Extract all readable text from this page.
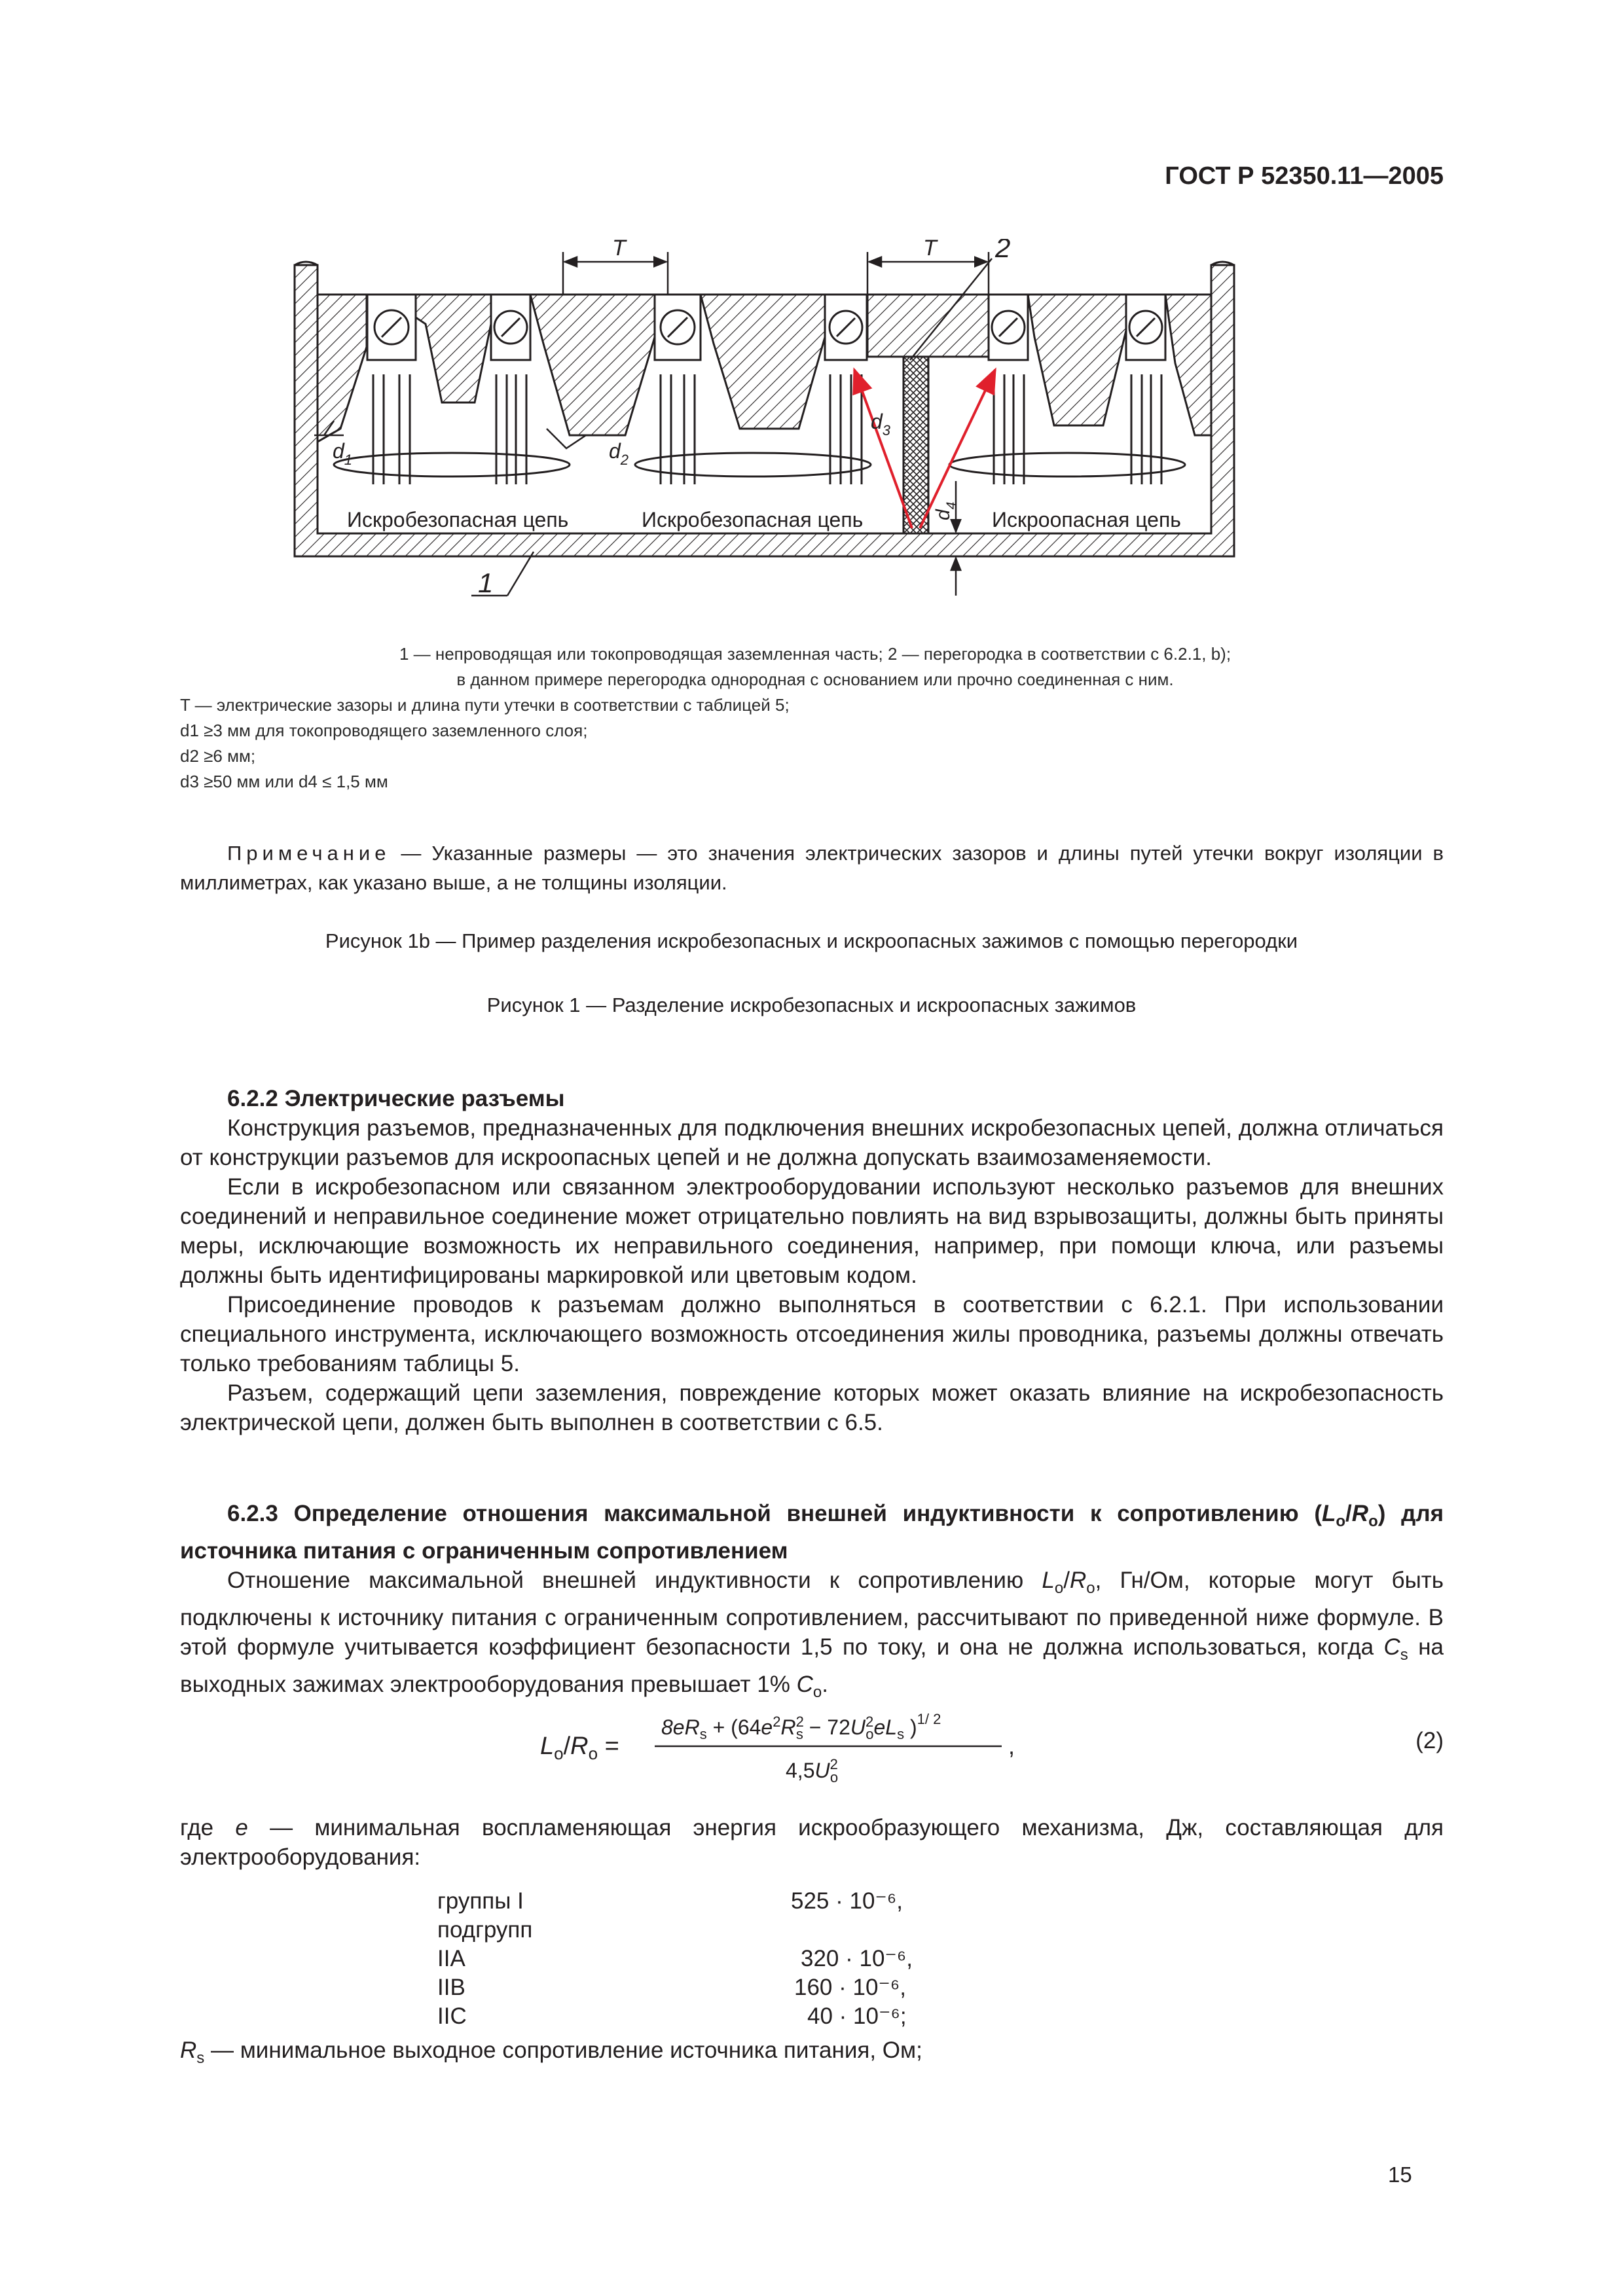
ГОСТ Р 52350.11—2005
T	T 2
$d_1$	$d_2$
$d_3$
$d_4$
Искробезопасная цепь	Искробезопасная цепь	Искроопасная цепь
1
1 — непроводящая или токопроводящая заземленная часть; 2 — перегородка в соответствии с 6.2.1, b);
в данном примере перегородка однородная с основанием или прочно соединенная с ним.
T — электрические зазоры и длина пути утечки в соответствии с таблицей 5;
d1 ≥3 мм для токопроводящего заземленного слоя;
d2 ≥6 мм;
d3 ≥50 мм или d4 ≤ 1,5 мм
Примечание — Указанные размеры — это значения электрических зазоров и длины путей утечки вокруг изоляции в миллиметрах, как указано выше, а не толщины изоляции.
Рисунок 1b — Пример разделения искробезопасных и искроопасных зажимов с помощью перегородки
Рисунок 1 — Разделение искробезопасных и искроопасных зажимов

6.2.2 Электрические разъемы

Конструкция разъемов, предназначенных для подключения внешних искробезопасных цепей, должна отличаться от конструкции разъемов для искроопасных цепей и не должна допускать взаимозаменяемости.

Если в искробезопасном или связанном электрооборудовании используют несколько разъемов для внешних соединений и неправильное соединение может отрицательно повлиять на вид взрывозащиты, должны быть приняты меры, исключающие возможность их неправильного соединения, например, при помощи ключа, или разъемы должны быть идентифицированы маркировкой или цветовым кодом.

Присоединение проводов к разъемам должно выполняться в соответствии с 6.2.1. При использовании специального инструмента, исключающего возможность отсоединения жилы проводника, разъемы должны отвечать только требованиям таблицы 5.

Разъем, содержащий цепи заземления, повреждение которых может оказать влияние на искробезопасность электрической цепи, должен быть выполнен в соответствии с 6.5.

6.2.3 Определение отношения максимальной внешней индуктивности к сопротивлению $(L_o/R_o)$ для источника питания с ограниченным сопротивлением

Отношение максимальной внешней индуктивности к сопротивлению $L_o/R_o$, Гн/Ом, которые могут быть подключены к источнику питания с ограниченным сопротивлением, рассчитывают по приведенной ниже формуле. В этой формуле учитывается коэффициент безопасности 1,5 по току, и она не должна использоваться, когда $C_s$ на выходных зажимах электрооборудования превышает 1% $C_o$.

$L_o/R_o$ =
$8eR_s + (64e^2R^2$ $s - 72U^2$ oeL$_s$ )$^{1/ 2}$
$4,5U^2$ o
,	(2)

где e — минимальная воспламеняющая энергия искрообразующего механизма, Дж, составляющая для электрооборудования:

группы I	525 · 10⁻⁶,
подгрупп
IIA	320 · 10⁻⁶,
IIB	160 · 10⁻⁶,
IIC	40 · 10⁻⁶;

$R_s$ — минимальное выходное сопротивление источника питания, Ом;

15
